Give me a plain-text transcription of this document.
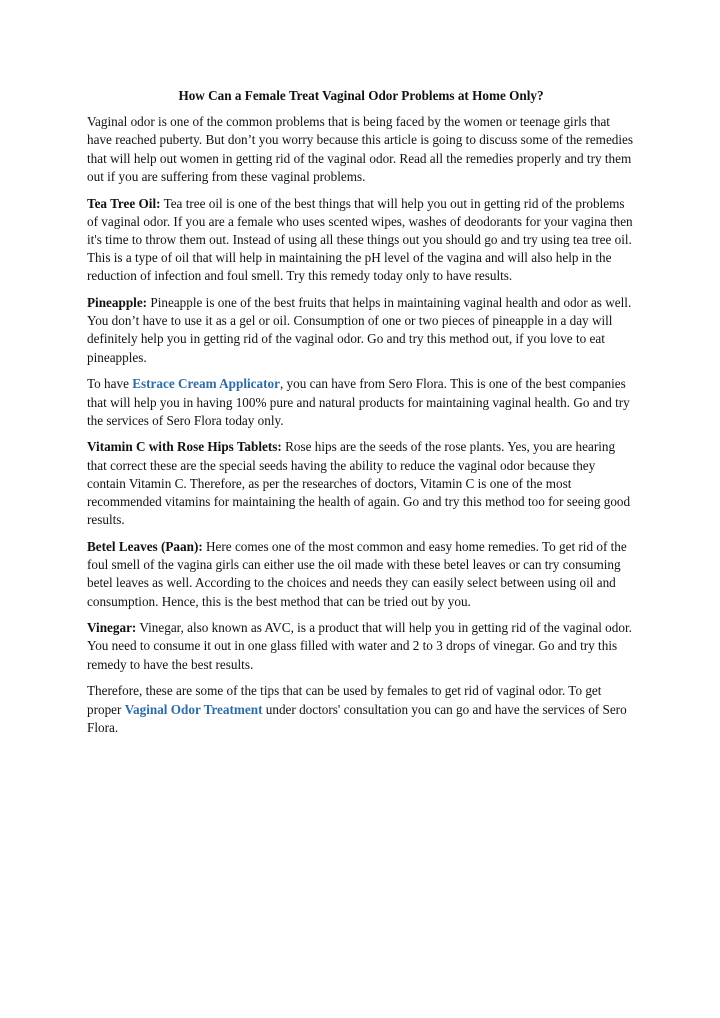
How Can a Female Treat Vaginal Odor Problems at Home Only?

Vaginal odor is one of the common problems that is being faced by the women or teenage girls that have reached puberty. But don’t you worry because this article is going to discuss some of the remedies that will help out women in getting rid of the vaginal odor. Read all the remedies properly and try them out if you are suffering from these vaginal problems.

Tea Tree Oil: Tea tree oil is one of the best things that will help you out in getting rid of the problems of vaginal odor. If you are a female who uses scented wipes, washes of deodorants for your vagina then it's time to throw them out. Instead of using all these things out you should go and try using tea tree oil. This is a type of oil that will help in maintaining the pH level of the vagina and will also help in the reduction of infection and foul smell. Try this remedy today only to have results.

Pineapple: Pineapple is one of the best fruits that helps in maintaining vaginal health and odor as well. You don’t have to use it as a gel or oil. Consumption of one or two pieces of pineapple in a day will definitely help you in getting rid of the vaginal odor. Go and try this method out, if you love to eat pineapples.

To have Estrace Cream Applicator, you can have from Sero Flora. This is one of the best companies that will help you in having 100% pure and natural products for maintaining vaginal health. Go and try the services of Sero Flora today only.

Vitamin C with Rose Hips Tablets: Rose hips are the seeds of the rose plants. Yes, you are hearing that correct these are the special seeds having the ability to reduce the vaginal odor because they contain Vitamin C. Therefore, as per the researches of doctors, Vitamin C is one of the most recommended vitamins for maintaining the health of again. Go and try this method too for seeing good results.

Betel Leaves (Paan): Here comes one of the most common and easy home remedies. To get rid of the foul smell of the vagina girls can either use the oil made with these betel leaves or can try consuming betel leaves as well. According to the choices and needs they can easily select between using oil and consumption. Hence, this is the best method that can be tried out by you.

Vinegar: Vinegar, also known as AVC, is a product that will help you in getting rid of the vaginal odor. You need to consume it out in one glass filled with water and 2 to 3 drops of vinegar. Go and try this remedy to have the best results.

Therefore, these are some of the tips that can be used by females to get rid of vaginal odor. To get proper Vaginal Odor Treatment under doctors' consultation you can go and have the services of Sero Flora.
